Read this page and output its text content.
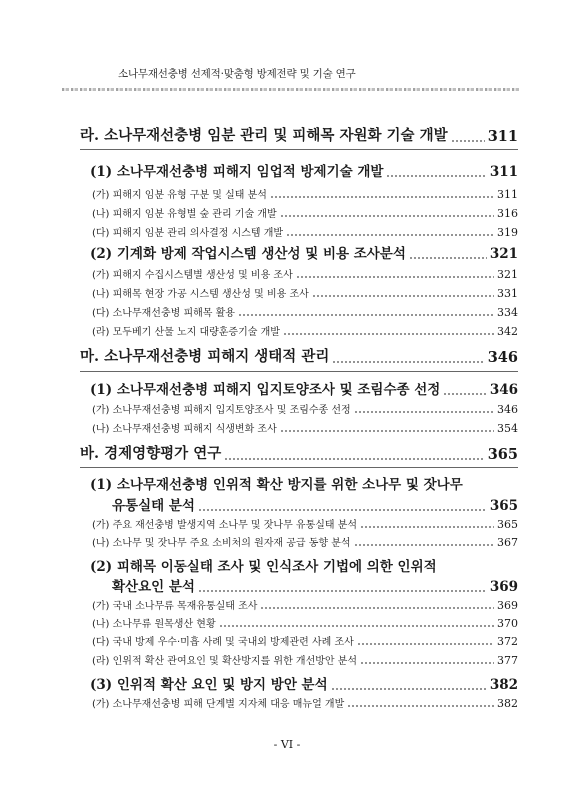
소나무재선충병 선제적·맞춤형 방제전략 및 기술 연구
라. 소나무재선충병 임분 관리 및 피해목 자원화 기술 개발	311
(1) 소나무재선충병 피해지 임업적 방제기술 개발	311
(가) 피해지 임분 유형 구분 및 실태 분석	311
(나) 피해지 임분 유형별 숲 관리 기술 개발	316
(다) 피해지 임분 관리 의사결정 시스템 개발	319
(2) 기계화 방제 작업시스템 생산성 및 비용 조사분석	321
(가) 피해지 수집시스템별 생산성 및 비용 조사	321
(나) 피해목 현장 가공 시스템 생산성 및 비용 조사	331
(다) 소나무재선충병 피해목 활용	334
(라) 모두베기 산물 노지 대량훈증기술 개발	342
마. 소나무재선충병 피해지 생태적 관리	346
(1) 소나무재선충병 피해지 입지토양조사 및 조림수종 선정	346
(가) 소나무재선충병 피해지 입지토양조사 및 조림수종 선정	346
(나) 소나무재선충병 피해지 식생변화 조사	354
바. 경제영향평가 연구	365
(1) 소나무재선충병 인위적 확산 방지를 위한 소나무 및 잣나무
유통실태 분석	365
(가) 주요 재선충병 발생지역 소나무 및 잣나무 유통실태 분석	365
(나) 소나무 및 잣나무 주요 소비처의 원자재 공급 동향 분석	367
(2) 피해목 이동실태 조사 및 인식조사 기법에 의한 인위적
확산요인 분석	369
(가) 국내 소나무류 목재유통실태 조사	369
(나) 소나무류 원목생산 현황	370
(다) 국내 방제 우수·미흡 사례 및 국내외 방제관련 사례 조사	372
(라) 인위적 확산 관여요인 및 확산방지를 위한 개선방안 분석	377
(3) 인위적 확산 요인 및 방지 방안 분석	382
(가) 소나무재선충병 피해 단계별 지자체 대응 매뉴얼 개발	382
- VI -
